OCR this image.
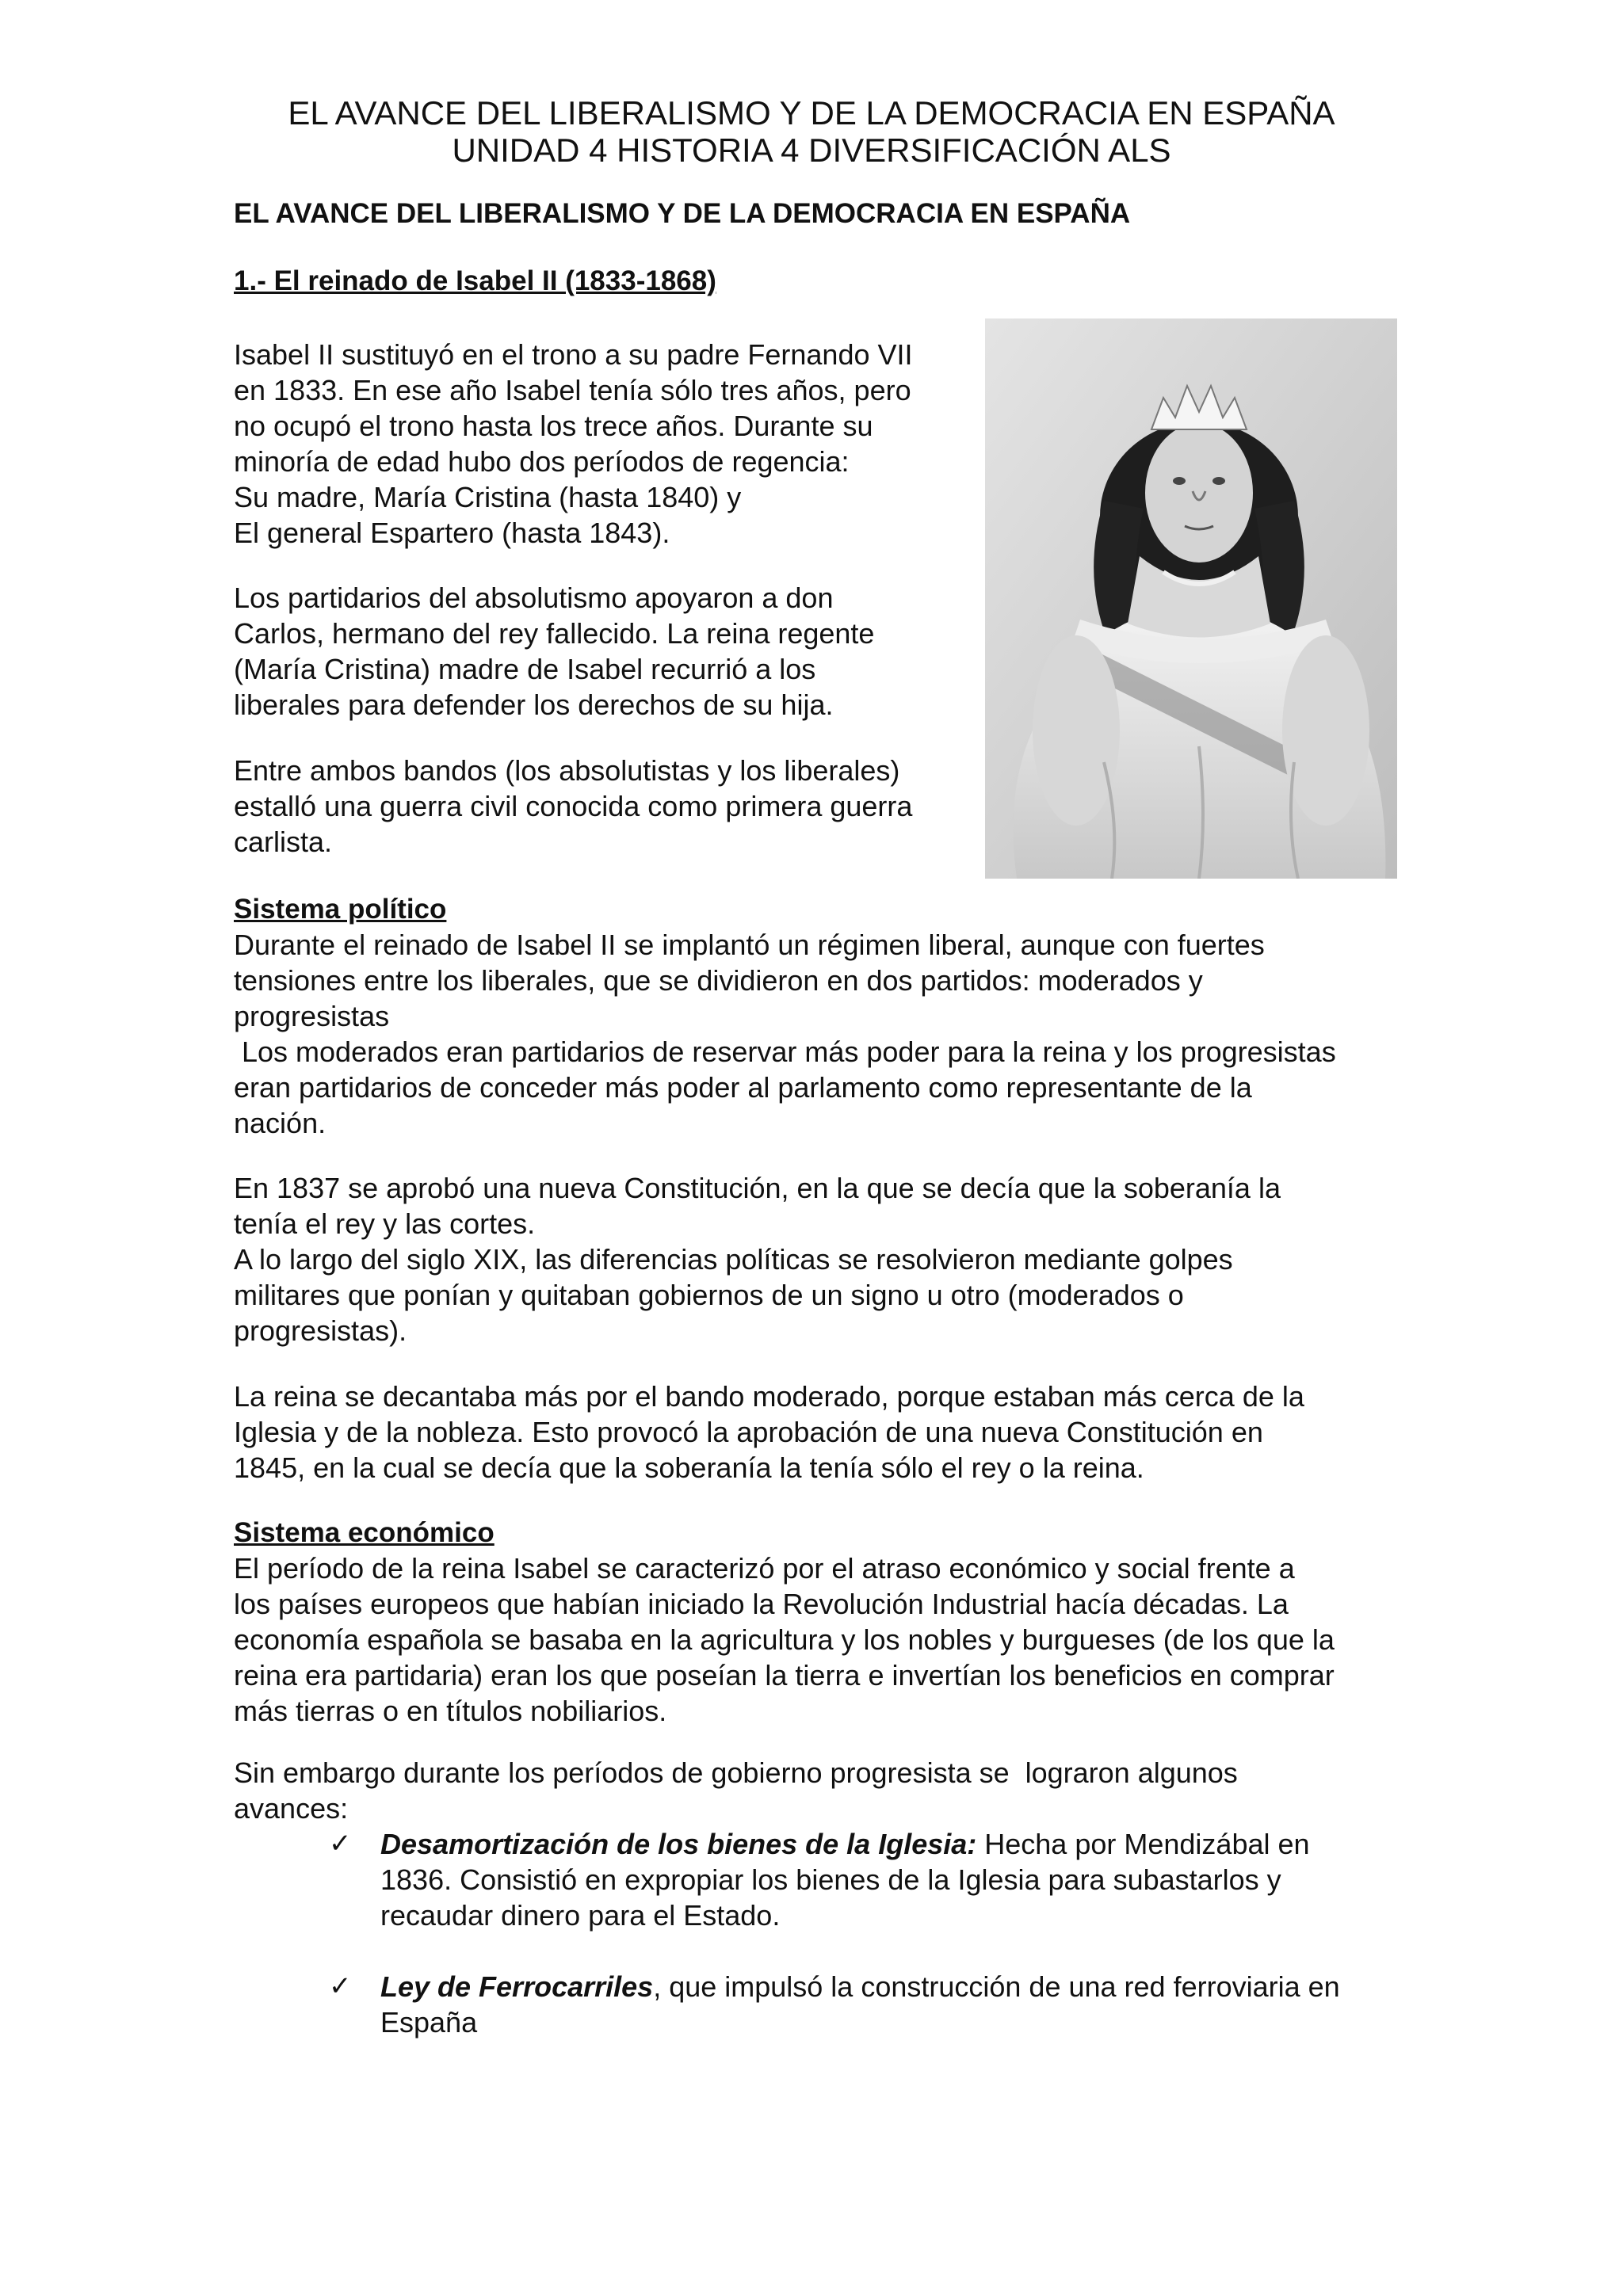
EL AVANCE DEL LIBERALISMO Y DE LA DEMOCRACIA EN ESPAÑA
UNIDAD 4 HISTORIA 4 DIVERSIFICACIÓN ALS
EL AVANCE DEL LIBERALISMO Y DE LA DEMOCRACIA EN ESPAÑA
1.- El reinado de Isabel II (1833-1868)
Isabel II sustituyó en el trono a su padre Fernando VII
en 1833. En ese año Isabel tenía sólo tres años, pero
no ocupó el trono hasta los trece años. Durante su
minoría de edad hubo dos períodos de regencia:
Su madre, María Cristina (hasta 1840) y
El general Espartero (hasta 1843).
Los partidarios del absolutismo apoyaron a don
Carlos, hermano del rey fallecido. La reina regente
(María Cristina) madre de Isabel recurrió a los
liberales para defender los derechos de su hija.
Entre ambos bandos (los absolutistas y los liberales)
estalló una guerra civil conocida como primera guerra
carlista.
Sistema político
Durante el reinado de Isabel II se implantó un régimen liberal, aunque con fuertes
tensiones entre los liberales, que se dividieron en dos partidos: moderados y
progresistas
Los moderados eran partidarios de reservar más poder para la reina y los progresistas
eran partidarios de conceder más poder al parlamento como representante de la
nación.
En 1837 se aprobó una nueva Constitución, en la que se decía que la soberanía la
tenía el rey y las cortes.
A lo largo del siglo XIX, las diferencias políticas se resolvieron mediante golpes
militares que ponían y quitaban gobiernos de un signo u otro (moderados o
progresistas).
La reina se decantaba más por el bando moderado, porque estaban más cerca de la
Iglesia y de la nobleza. Esto provocó la aprobación de una nueva Constitución en
1845, en la cual se decía que la soberanía la tenía sólo el rey o la reina.
Sistema económico
El período de la reina Isabel se caracterizó por el atraso económico y social frente a
los países europeos que habían iniciado la Revolución Industrial hacía décadas. La
economía española se basaba en la agricultura y los nobles y burgueses (de los que la
reina era partidaria) eran los que poseían la tierra e invertían los beneficios en comprar
más tierras o en títulos nobiliarios.
Sin embargo durante los períodos de gobierno progresista se  lograron algunos
avances:
✓ Desamortización de los bienes de la Iglesia: Hecha por Mendizábal en
1836. Consistió en expropiar los bienes de la Iglesia para subastarlos y
recaudar dinero para el Estado.
✓ Ley de Ferrocarriles, que impulsó la construcción de una red ferroviaria en
España
